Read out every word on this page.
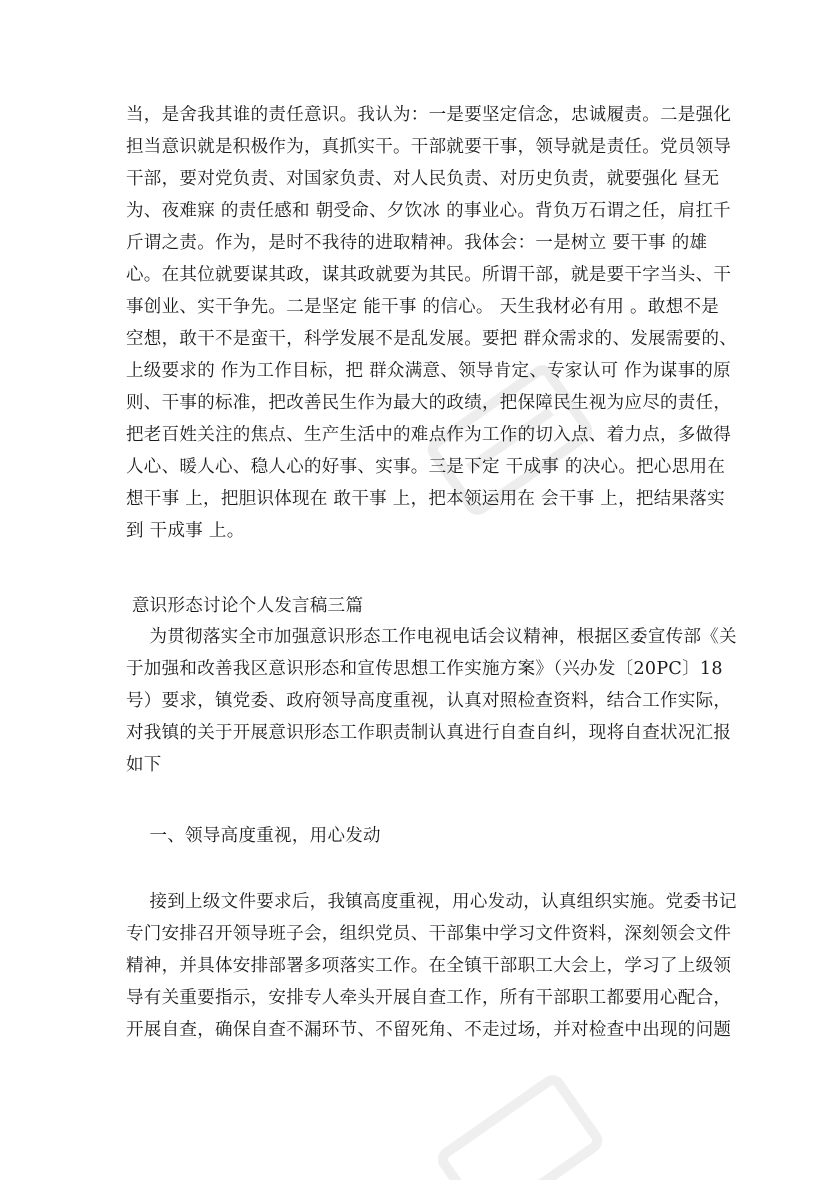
当，是舍我其谁的责任意识。我认为：一是要坚定信念，忠诚履责。二是强化
担当意识就是积极作为，真抓实干。干部就要干事，领导就是责任。党员领导
干部，要对党负责、对国家负责、对人民负责、对历史负责，就要强化 昼无
为、夜难寐 的责任感和 朝受命、夕饮冰 的事业心。背负万石谓之任，肩扛千
斤谓之责。作为，是时不我待的进取精神。我体会：一是树立 要干事 的雄
心。在其位就要谋其政，谋其政就要为其民。所谓干部，就是要干字当头、干
事创业、实干争先。二是坚定 能干事 的信心。 天生我材必有用 。敢想不是
空想，敢干不是蛮干，科学发展不是乱发展。要把 群众需求的、发展需要的、
上级要求的 作为工作目标，把 群众满意、领导肯定、专家认可 作为谋事的原
则、干事的标准，把改善民生作为最大的政绩，把保障民生视为应尽的责任，
把老百姓关注的焦点、生产生活中的难点作为工作的切入点、着力点，多做得
人心、暖人心、稳人心的好事、实事。三是下定 干成事 的决心。把心思用在
想干事 上，把胆识体现在 敢干事 上，把本领运用在 会干事 上，把结果落实
到 干成事 上。
意识形态讨论个人发言稿三篇
为贯彻落实全市加强意识形态工作电视电话会议精神，根据区委宣传部《关
于加强和改善我区意识形态和宣传思想工作实施方案》（兴办发〔20PC〕18
号）要求，镇党委、政府领导高度重视，认真对照检查资料，结合工作实际，
对我镇的关于开展意识形态工作职责制认真进行自查自纠，现将自查状况汇报
如下
一、领导高度重视，用心发动
接到上级文件要求后，我镇高度重视，用心发动，认真组织实施。党委书记
专门安排召开领导班子会，组织党员、干部集中学习文件资料，深刻领会文件
精神，并具体安排部署多项落实工作。在全镇干部职工大会上，学习了上级领
导有关重要指示，安排专人牵头开展自查工作，所有干部职工都要用心配合，
开展自查，确保自查不漏环节、不留死角、不走过场，并对检查中出现的问题
